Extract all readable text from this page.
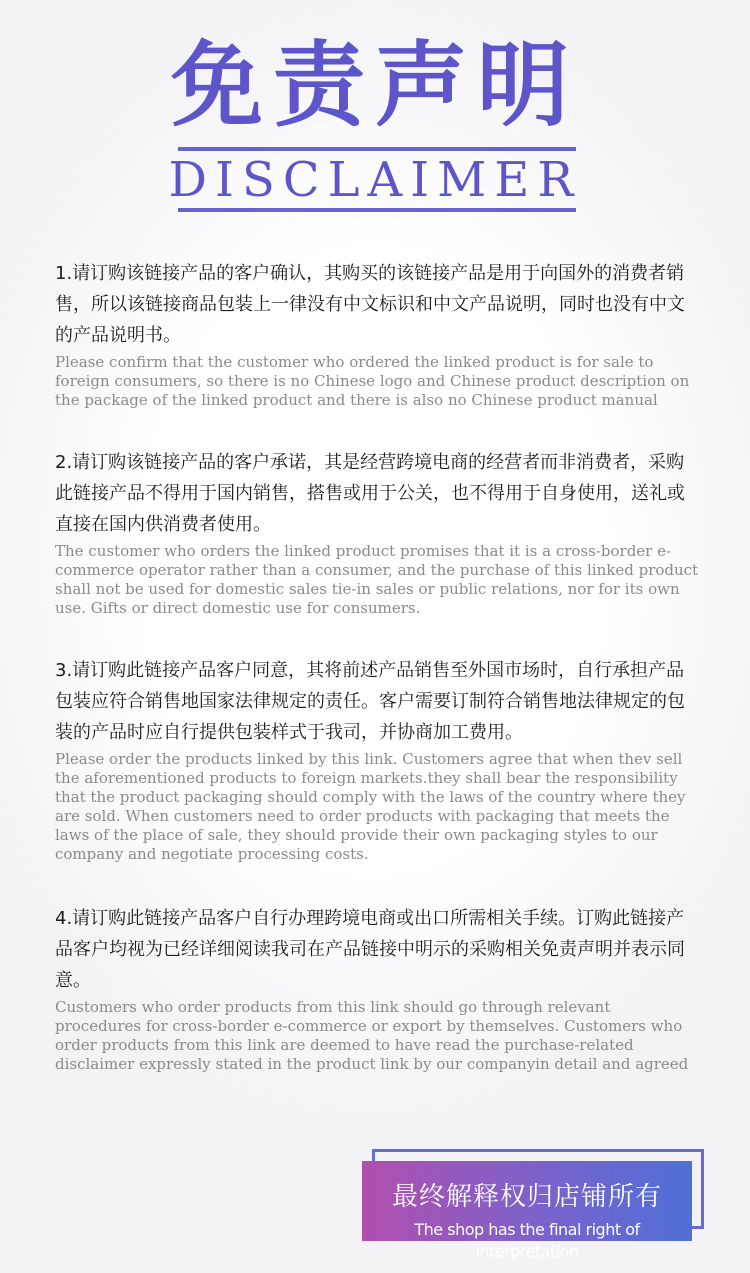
免责声明
DISCLAIMER

1.请订购该链接产品的客户确认，其购买的该链接产品是用于向国外的消费者销售，所以该链接商品包装上一律没有中文标识和中文产品说明，同时也没有中文的产品说明书。

Please confirm that the customer who ordered the linked product is for sale to foreign consumers, so there is no Chinese logo and Chinese product description on the package of the linked product and there is also no Chinese product manual

2.请订购该链接产品的客户承诺，其是经营跨境电商的经营者而非消费者，采购此链接产品不得用于国内销售，搭售或用于公关，也不得用于自身使用，送礼或直接在国内供消费者使用。

The customer who orders the linked product promises that it is a cross-border e-commerce operator rather than a consumer, and the purchase of this linked product shall not be used for domestic sales tie-in sales or public relations, nor for its own use. Gifts or direct domestic use for consumers.

3.请订购此链接产品客户同意，其将前述产品销售至外国市场时，自行承担产品包装应符合销售地国家法律规定的责任。客户需要订制符合销售地法律规定的包装的产品时应自行提供包装样式于我司，并协商加工费用。

Please order the products linked by this link. Customers agree that when thev sell the aforementioned products to foreign markets.they shall bear the responsibility that the product packaging should comply with the laws of the country where they are sold. When customers need to order products with packaging that meets the laws of the place of sale, they should provide their own packaging styles to our company and negotiate processing costs.

4.请订购此链接产品客户自行办理跨境电商或出口所需相关手续。订购此链接产品客户均视为已经详细阅读我司在产品链接中明示的采购相关免责声明并表示同意。

Customers who order products from this link should go through relevant procedures for cross-border e-commerce or export by themselves. Customers who order products from this link are deemed to have read the purchase-related disclaimer expressly stated in the product link by our companyin detail and agreed

最终解释权归店铺所有
The shop has the final right of interpretation
